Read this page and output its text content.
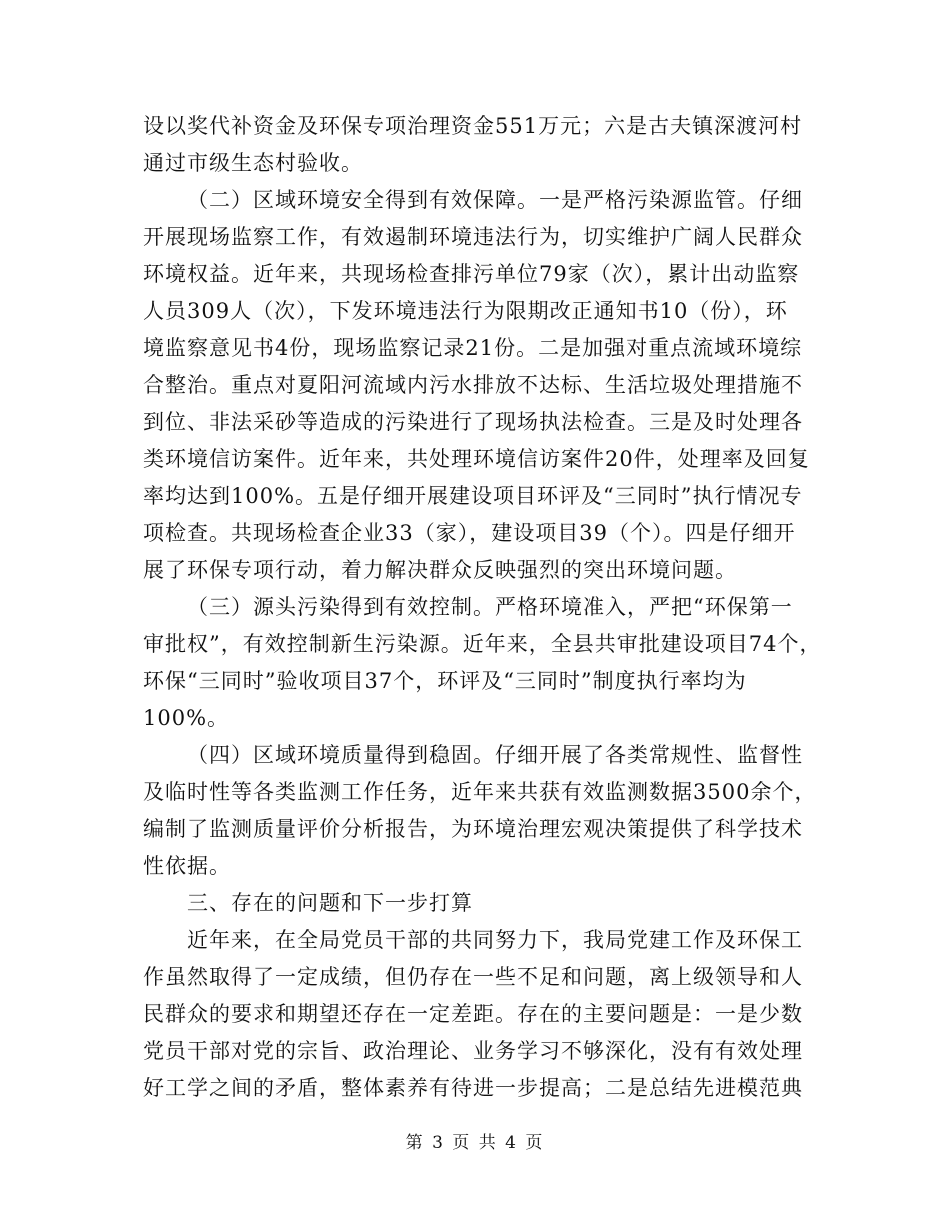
设以奖代补资金及环保专项治理资金551万元；六是古夫镇深渡河村
通过市级生态村验收。
（二）区域环境安全得到有效保障。一是严格污染源监管。仔细
开展现场监察工作，有效遏制环境违法行为，切实维护广阔人民群众
环境权益。近年来，共现场检查排污单位79家（次），累计出动监察
人员309人（次），下发环境违法行为限期改正通知书10（份），环
境监察意见书4份，现场监察记录21份。二是加强对重点流域环境综
合整治。重点对夏阳河流域内污水排放不达标、生活垃圾处理措施不
到位、非法采砂等造成的污染进行了现场执法检查。三是及时处理各
类环境信访案件。近年来，共处理环境信访案件20件，处理率及回复
率均达到100%。五是仔细开展建设项目环评及“三同时”执行情况专
项检查。共现场检查企业33（家），建设项目39（个）。四是仔细开
展了环保专项行动，着力解决群众反映强烈的突出环境问题。
（三）源头污染得到有效控制。严格环境准入，严把“环保第一
审批权”，有效控制新生污染源。近年来，全县共审批建设项目74个，
环保“三同时”验收项目37个，环评及“三同时”制度执行率均为
100%。
（四）区域环境质量得到稳固。仔细开展了各类常规性、监督性
及临时性等各类监测工作任务，近年来共获有效监测数据3500余个，
编制了监测质量评价分析报告，为环境治理宏观决策提供了科学技术
性依据。
三、存在的问题和下一步打算
近年来，在全局党员干部的共同努力下，我局党建工作及环保工
作虽然取得了一定成绩，但仍存在一些不足和问题，离上级领导和人
民群众的要求和期望还存在一定差距。存在的主要问题是：一是少数
党员干部对党的宗旨、政治理论、业务学习不够深化，没有有效处理
好工学之间的矛盾，整体素养有待进一步提高；二是总结先进模范典
第 3 页 共 4 页
